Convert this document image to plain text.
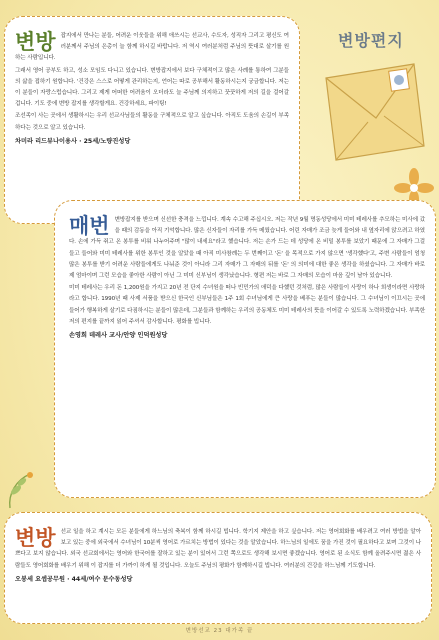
변방편지
변방 잡지에서 만나는 분들, 어려운 이웃들을 위해 애쓰시는 선교사, 수도자, 성직자 그리고 평신도 여러분께서 주님의 은총이 늘 함께 하시길 바랍니다. 저 역시 여러분처럼 주님의 뜻대로 살기를 원하는 사람입니다.

그래서 영어 공부도 하고, 성소 모임도 다니고 있습니다. 변방잡지에서 보다 구체적이고 많은 사례를 통하여 그분들의 삶을 접하기 원합니다. '건강은 스스로 어떻게 관리하는지, 언어는 따로 공부해서 활동하시는지 궁금합니다. 저는 이 분들이 자랑스럽습니다. 그리고 제게 어떠한 어려움이 오더라도 늘 주님께 의지하고 꿋꿋하게 저의 길을 걸어갈 겁니다. 기도 중에 변방 잡지를 생각할게요. 건강하세요, 파이팅!

조선족이 사는 곳에서 생활하시는 우리 선교사님들의 활동을 구체적으로 알고 싶습니다. 아직도 도움의 손길이 부족하다는 것으로 알고 있습니다.

차미라 리드뷰나이용사 · 25세/노량진성당
매번 변방잡지를 받으며 신선한 충격을 느낍니다. 계속 수고해 주십시오. 저는 작년 9월 명동성당에서 미미 테레사를 추모하는 미사에 갔을 때의 감동을 아직 기억합니다. 많은 신자들이 자리를 가득 메웠습니다. 어린 자매가 조금 늦게 들어와 내 옆자리에 앉으려고 하였다. 손에 가득 쥐고 온 봉투를 비워 나누어주며 "많이 내세요"라고 했습니다. 저는 손가 드는 데 성당에 온 비밀 봉투를 보았기 때문에 그 자매가 그걸 들고 들어와 미미 테레사를 위한 봉투인 것을 알았을 때 아직 미사참례는 두 번째이고 '돈' 을 목적으로 가지 않으면 '생각했다'고, 주변 사람들이 엄청 많은 봉투를 받기 어려운 사람들에게도 나눠준 것이 아니라 그리 자매가 그 자매의 뒤를 '돈' 의 의미에 대한 좋은 생각을 하셨습니다. 그 자매가 바로 제 엄마이며 그런 모습을 좋아한 사람이 아닌 그 미미 신부님이 생각났습니다. 형편 저는 바로 그 자매의 모습이 마음 깊이 남아 있습니다.

미미 테레사는 우리 돈 1,200원을 가지고 20년 전 단지 수녀원을 떠나 빈민가의 애덕을 다했던 것처럼, 많은 사람들이 사랑이 하나 희생이라면 사랑하라고 합니다. 1990년 때 사제 서품을 받으신 한국인 신부님들은 1주 1회 수녀님에게 큰 사랑을 베푸는 분들이 많습니다. 그 수녀님이 이끄시는 곳에 들어가 행복하게 살기로 다짐하시는 분들이 많은데, 그분들과 함께하는 우리의 공동체도 미미 테레사의 뜻을 이어갈 수 있도록 노력하겠습니다. 부족한 저의 편지를 끝까지 읽어 주셔서 감사합니다. 평화를 빕니다.

손영희 데레사 교사/안양 인덕원성당
변방 선교 일을 하고 계시는 모든 분들에게 하느님의 축복이 함께 하시길 빕니다. 학기지 제안을 하고 싶습니다. 저는 영어회화를 배우려고 여러 방법을 알아보고 있는 중에 외국에서 수녀님이 10분씩 영어로 가르치는 방법이 있다는 것을 알았습니다. 하느님의 일에도 꿈을 가진 것이 필요하다고 보며 그것이 나쁘다고 보지 않습니다. 외국 선교회에서는 영어와 한국어를 잘하고 있는 분이 있어서 그런 쪽으로도 생각해 보시면 좋겠습니다. 영어로 된 소식도 함께 올려주시면 젊은 사람들도 영어회화를 배우기 위해 이 잡지를 더 가까이 하게 될 것입니다. 오늘도 주님의 평화가 함께하시길 빕니다. 여러분의 건강을 하느님께 기도합니다.

오봉세 요셉공무원 · 44세/여수 문수동성당
변방선교 23 대가족 끝
